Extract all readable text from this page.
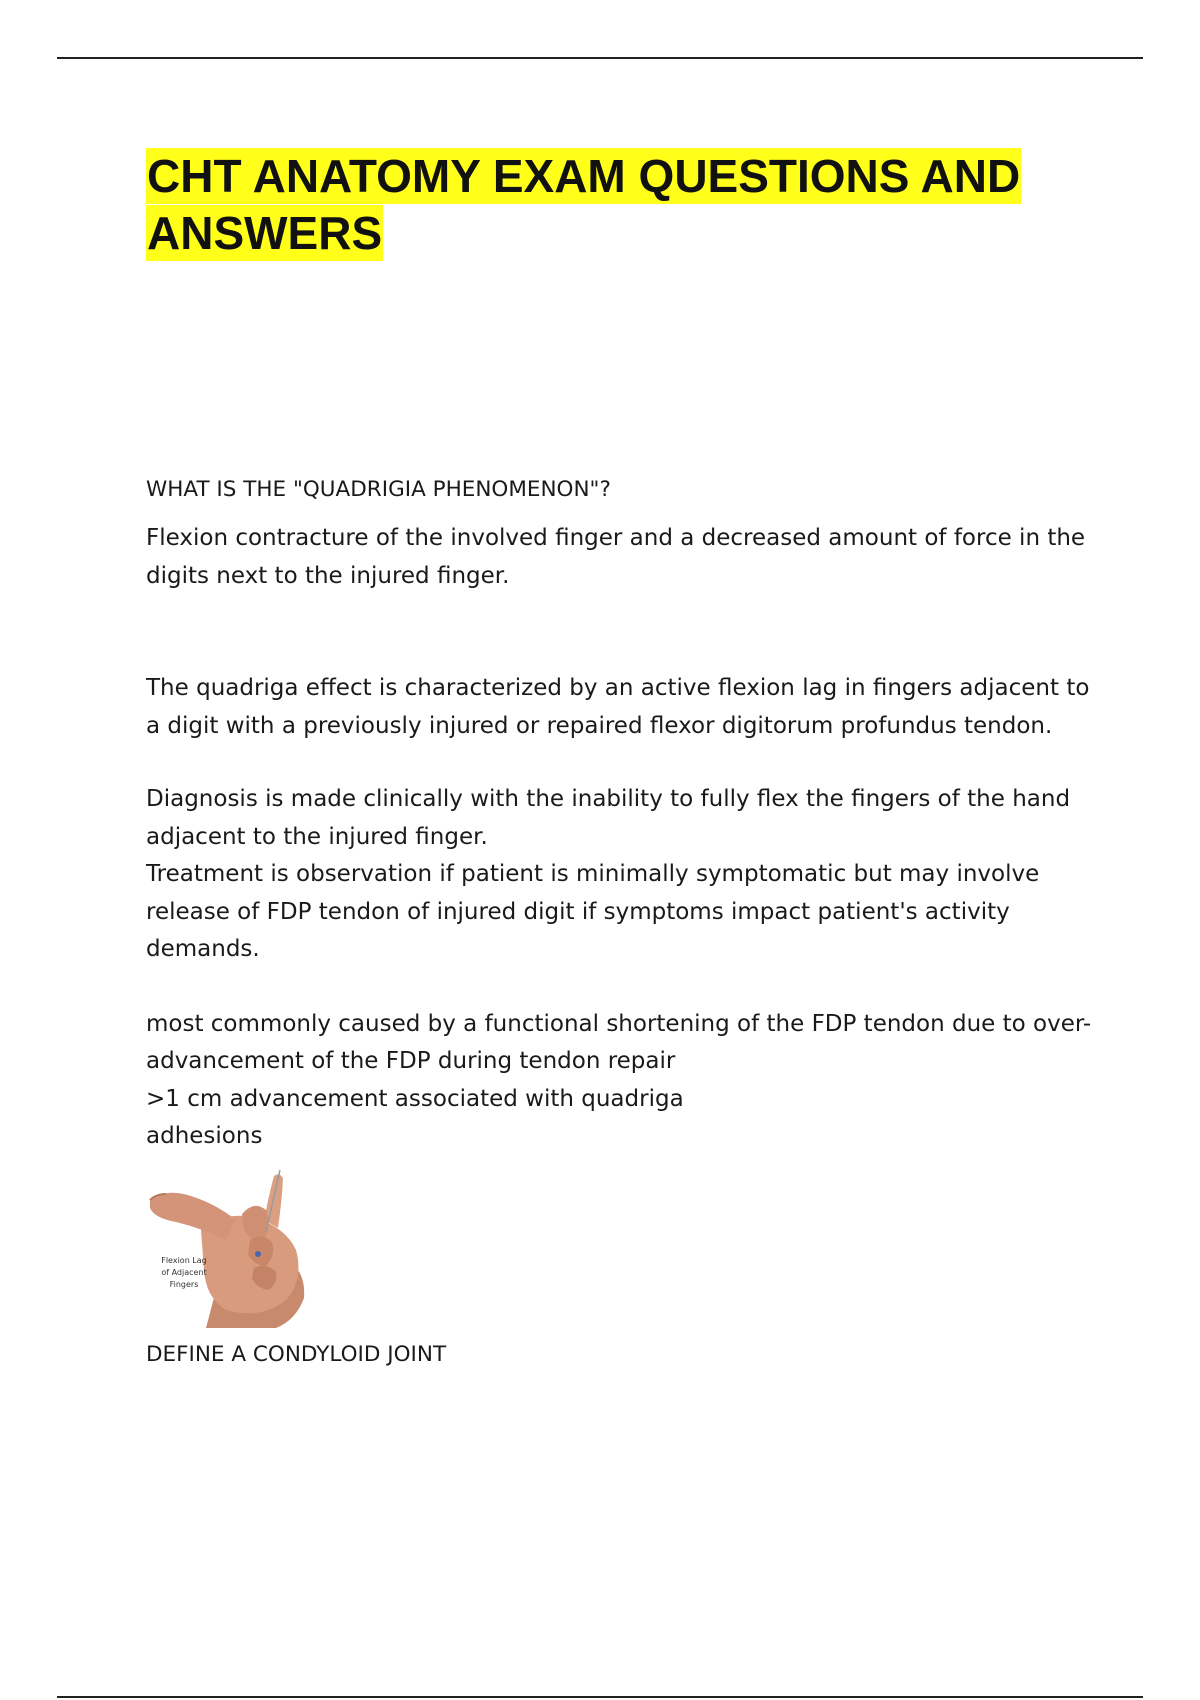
CHT ANATOMY EXAM QUESTIONS AND ANSWERS

WHAT IS THE "QUADRIGIA PHENOMENON"?

Flexion contracture of the involved finger and a decreased amount of force in the digits next to the injured finger.

The quadriga effect is characterized by an active flexion lag in fingers adjacent to a digit with a previously injured or repaired flexor digitorum profundus tendon.

Diagnosis is made clinically with the inability to fully flex the fingers of the hand adjacent to the injured finger.
Treatment is observation if patient is minimally symptomatic but may involve release of FDP tendon of injured digit if symptoms impact patient's activity demands.

most commonly caused by a functional shortening of the FDP tendon due to over-advancement of the FDP during tendon repair
>1 cm advancement associated with quadriga
adhesions

Flexion Lag
of Adjacent
Fingers

DEFINE A CONDYLOID JOINT
